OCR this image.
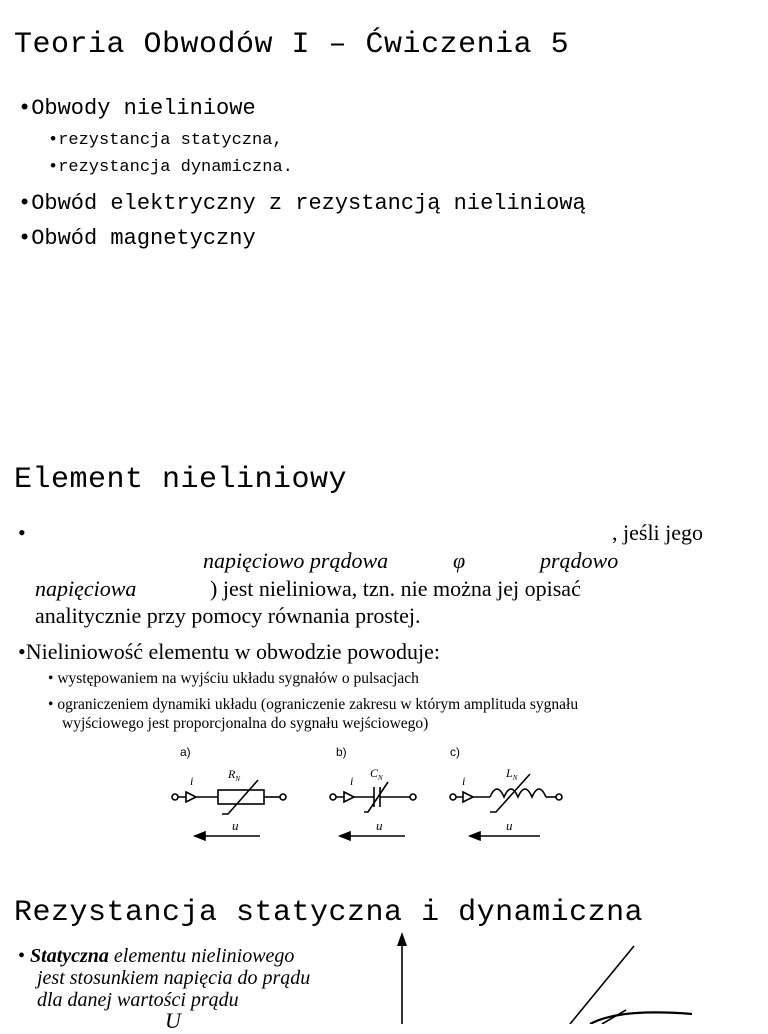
Teoria Obwodów I – Ćwiczenia 5
•Obwody nieliniowe
•rezystancja statyczna,
•rezystancja dynamiczna.
•Obwód elektryczny z rezystancją nieliniową
•Obwód magnetyczny
Element nieliniowy
•	, jeśli jego
napięciowo prądowa	φ	prądowo
napięciowa	) jest nieliniowa, tzn. nie można jej opisać
analitycznie przy pomocy równania prostej.
•Nieliniowość elementu w obwodzie powoduje:
• występowaniem na wyjściu układu sygnałów o pulsacjach
• ograniczeniem dynamiki układu (ograniczenie zakresu w którym amplituda sygnału
wyjściowego jest proporcjonalna do sygnału wejściowego)
a)	b)	c)
i	i	i
$R_N$	$C_N$	$L_N$
u	u	u
Rezystancja statyczna i dynamiczna
• Statyczna elementu nieliniowego
jest stosunkiem napięcia do prądu
dla danej wartości prądu
U
